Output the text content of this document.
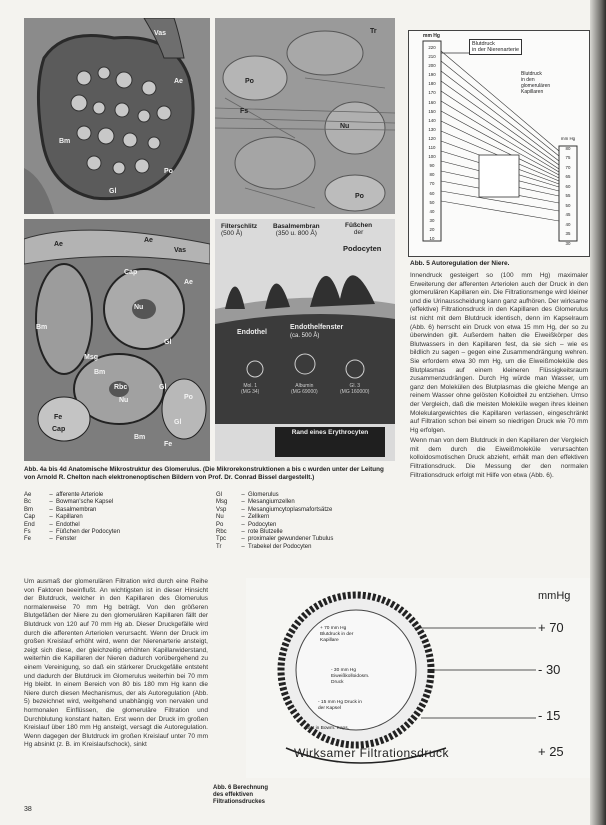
Vas
Ae
Bm
Po
Gl
Tr
Po
Fs
Nu
Po
Ae
Ae
Cap
Vas
Ae
Bm
Nu
Gl
Msg
Bm
Rbc
Nu
Gl
Po
Gl
Fe
Cap
Bm
Fe
Filterschlitz
(500 Å)
Basalmembran
(350 u. 800 Å)
Füßchen
der
Podocyten
Endothel
Endothelfenster
(ca. 500 Å)
Mol. 1
(MG 34)
Albumin
(MG 69000)
Gl. 3
(MG 160000)
Rand eines Erythrocyten
mm Hg
Blutdruck
in der Nierenarterie
Blutdruck
in den
glomerulären
Kapillaren
220
210
200
190
180
170
160
150
140
130
120
110
100
90
80
70
60
50
40
30
20
10
mm Hg
80
75
70
65
60
55
50
45
40
35
30
Abb. 5 Autoregulation der Niere.

Innendruck gesteigert so (100 mm Hg) maximaler Erweiterung der afferenten Arteriolen auch der Druck in den glomerulären Kapillaren ein. Die Filtrationsmenge wird kleiner und die Urinausscheidung kann ganz aufhören. Der wirksame (effektive) Filtrationsdruck in den Kapillaren des Glomerulus ist nicht mit dem Blutdruck identisch, denn im Kapselraum (Abb. 6) herrscht ein Druck von etwa 15 mm Hg, der so zu überwinden gilt. Außerdem halten die Eiweißkörper des Blutwassers in den Kapillaren fest, da sie sich – wie es bildlich zu sagen – gegen eine Zusammendrängung wehren. Sie erfordern etwa 30 mm Hg, um die Eiweißmoleküle des Blutplasmas auf einem kleineren Flüssigkeitsraum zusammenzudrängen. Durch Hg würde man Wasser, um ganz den Molekülen des Blutplasmas die gleiche Menge an reinem Wasser ohne gelösten Kolloidteil zu entziehen. Umso der Vergleich, daß die meisten Moleküle wegen ihres kleinen Molekulargewichtes die Kapillaren verlassen, eingeschränkt auf Filtration schon bei einem so niedrigen Druck wie 70 mm Hg erfolgen.

Wenn man von dem Blutdruck in den Kapillaren der Vergleich mit dem durch die Eiweißmoleküle verursachten kolloidosmotischen Druck abzieht, erhält man den effektiven Filtrationsdruck. Die Messung der den normalen Filtrationsdruck erfolgt mit Hilfe von etwa (Abb. 6).

Abb. 4a bis 4d Anatomische Mikrostruktur des Glomerulus. (Die Mikrorekonstruktionen a bis c wurden unter der Leitung von Arnold R. Chelton nach elektronenoptischen Bildern von Prof. Dr. Conrad Bissel dargestellt.)
Ae	–	afferente Arteriole
Bc	–	Bowman'sche Kapsel
Bm	–	Basalmembran
Cap	–	Kapillaren
End	–	Endothel
Fs	–	Füßchen der Podocyten
Fe	–	Fenster
Gl	–	Glomerulus
Msg	–	Mesangiumzellen
Vsp	–	Mesangiumcytoplasmafortsätze
Nu	–	Zellkern
Po	–	Podocyten
Rbc	–	rote Blutzelle
Tpc	–	proximaler gewundener Tubulus
Tr	–	Trabekel der Podocyten
Um ausmaß der glomerulären Filtration wird durch eine Reihe von Faktoren beeinflußt. An wichtigsten ist in dieser Hinsicht der Blutdruck, welcher in den Kapillaren des Glomerulus normalerweise 70 mm Hg beträgt. Von den größeren Blutgefäßen der Niere zu den glomerulären Kapillaren fällt der Blutdruck von 120 auf 70 mm Hg ab. Dieser Druckgefälle wird durch die afferenten Arteriolen verursacht. Wenn der Druck im großen Kreislauf erhöht wird, wenn der Nierenarterie ansteigt, zeigt sich diese, der gleichzeitig erhöhten Kapillarwiderstand, weiterhin die Kapillaren der Nieren dadurch vorübergehend zu einem Vereinigung, so daß ein stärkerer Druckgefälle entsteht und dadurch der Blutdruck im Glomerulus weiterhin bei 70 mm Hg bleibt. In einem Bereich von 80 bis 180 mm Hg kann die Niere durch diesen Mechanismus, der als Autoregulation (Abb. 5) bezeichnet wird, weitgehend unabhängig von nervalen und hormonalen Einflüssen, die glomeruläre Filtration und Durchblutung konstant halten. Erst wenn der Druck im großen Kreislauf über 180 mm Hg ansteigt, versagt die Autoregulation. Wenn dagegen der Blutdruck im großen Kreislauf unter 70 mm Hg absinkt (z. B. im Kreislaufschock), sinkt
Abb. 6 Berechnung des effektiven Filtrationsdruckes
mmHg
+ 70
- 30
- 15
Wirksamer Filtrationsdruck	+ 25
+ 70 mm Hg
Blutdruck in der
Kapillare
- 30 mm Hg
Eiweißkolloidosm.
Druck
- 15 mm Hg Druck in
der Kapsel
Blut in Bowm. Kaps.
38
